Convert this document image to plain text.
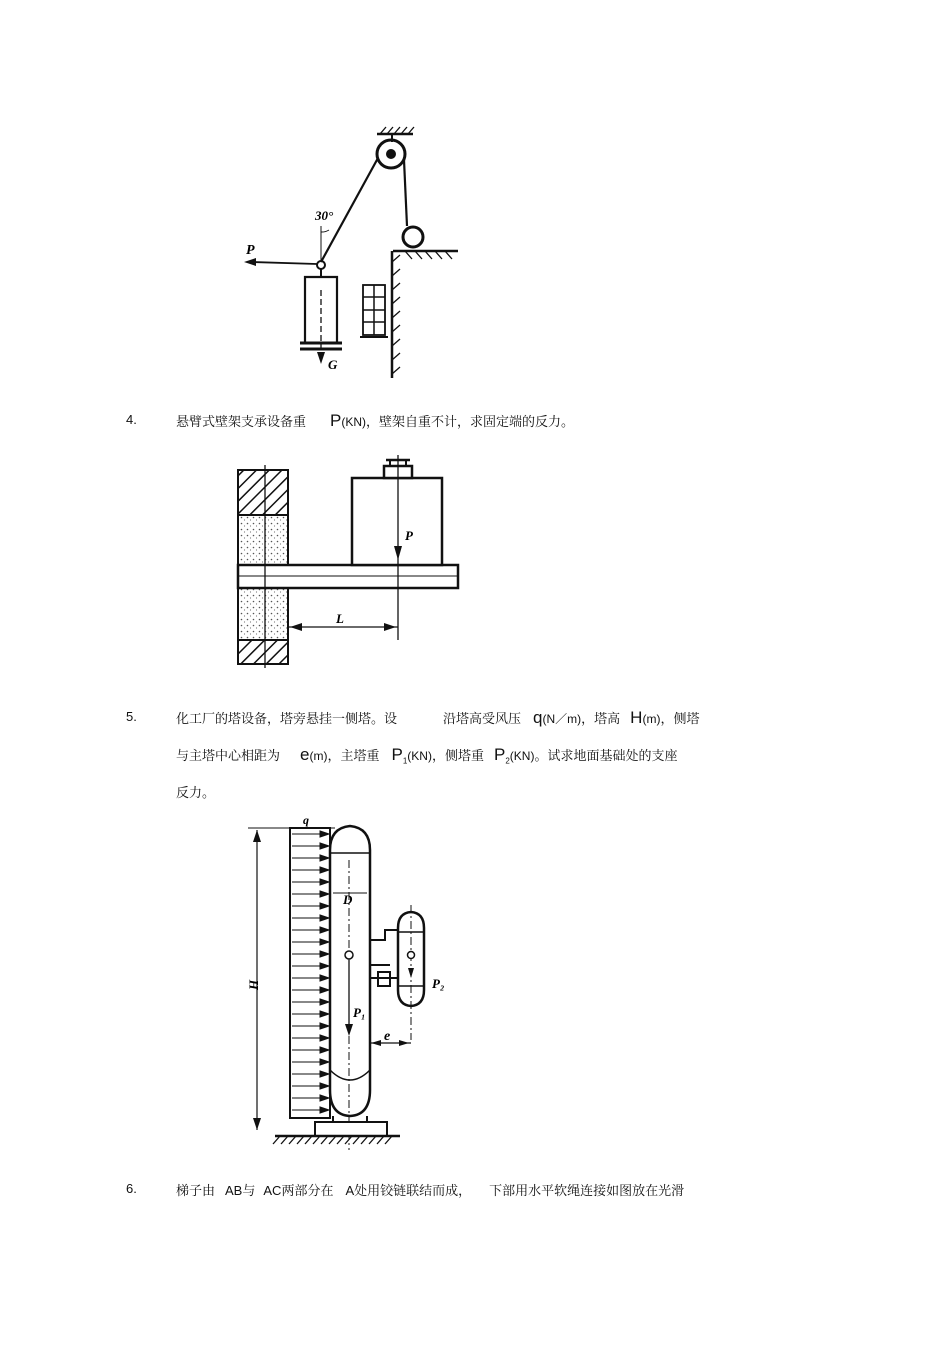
30°
P
G
4.	悬臂式壁架支承设备重 P(KN)，壁架自重不计，求固定端的反力。
P
L
5.	化工厂的塔设备，塔旁悬挂一侧塔。设	沿塔高受风压 q(N／m)，塔高 H(m)，侧塔
与主塔中心相距为 e(m)，主塔重 $P_1(KN)$，侧塔重 $P_2(KN)$。试求地面基础处的支座
反力。
q
D
H
P₁
P₂
e
6.	梯子由 AB与 AC两部分在 A处用铰链联结而成， 下部用水平软绳连接如图放在光滑
